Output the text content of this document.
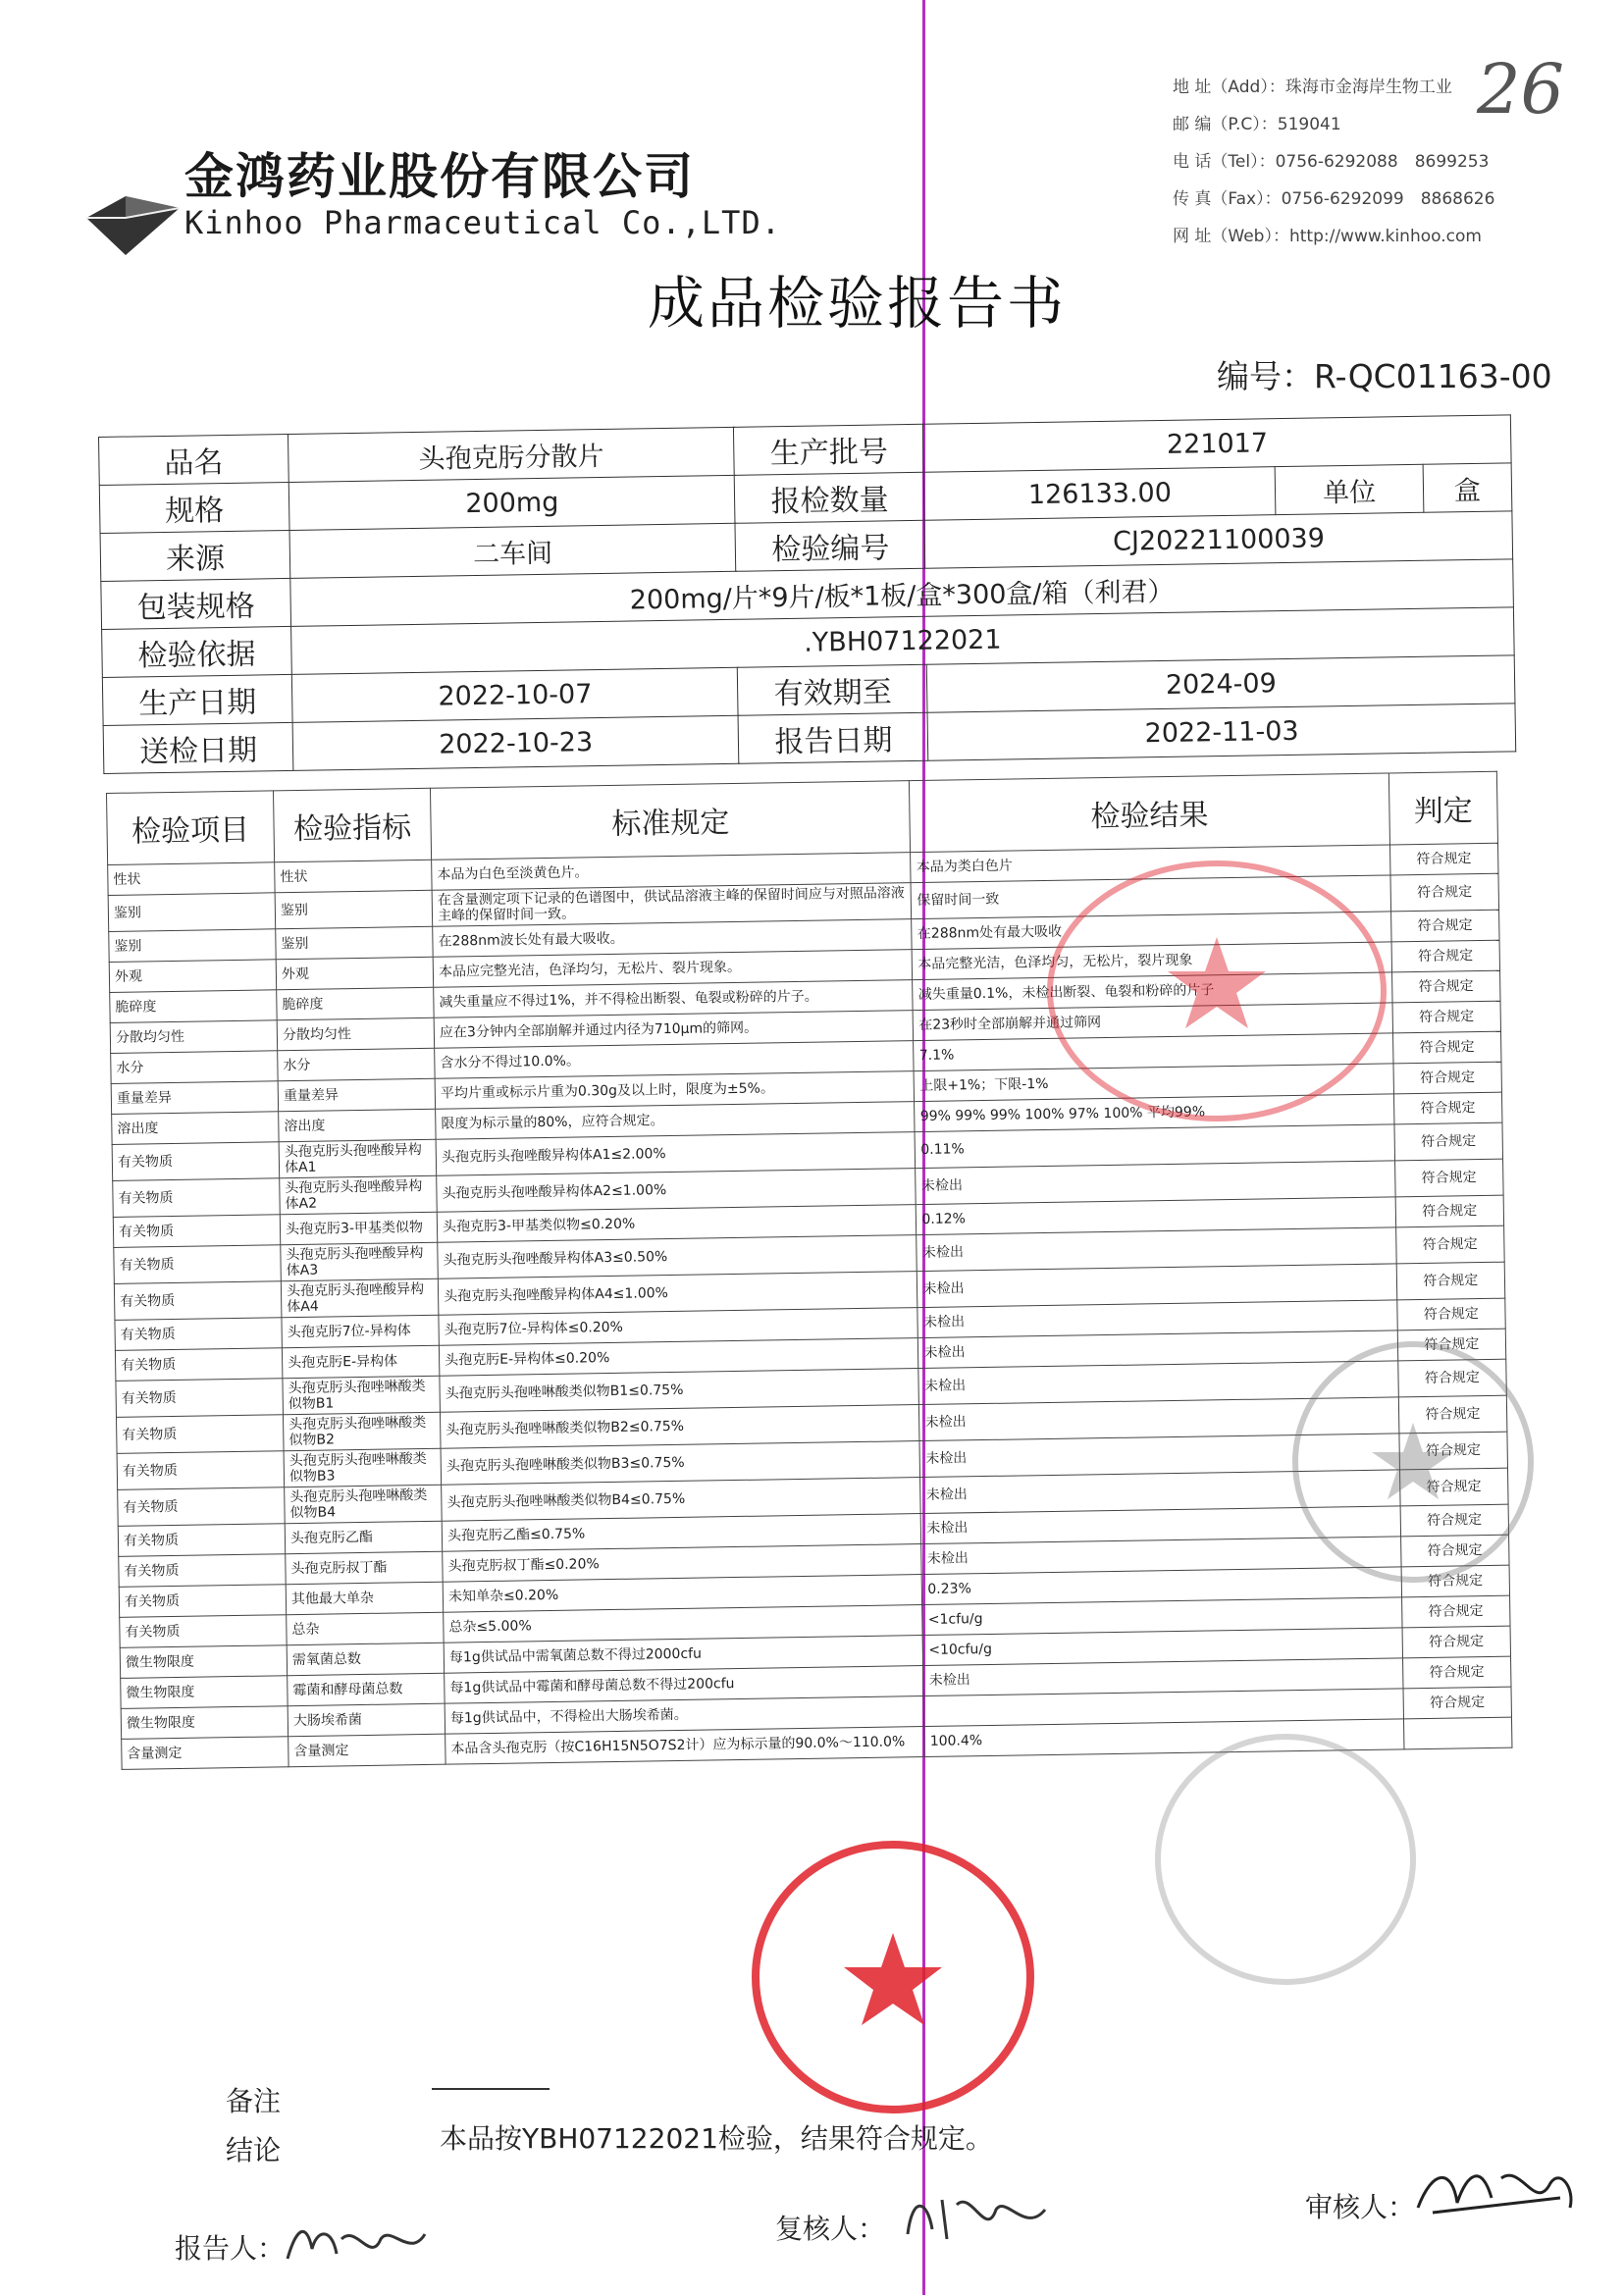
金鸿药业股份有限公司
Kinhoo Pharmaceutical Co.,LTD.
地 址（Add）：珠海市金海岸生物工业
邮 编（P.C）：519041
电 话（Tel）：0756-6292088　8699253
传 真（Fax）：0756-6292099　8868626
网 址（Web）：http://www.kinhoo.com
26
成品检验报告书
编号：R-QC01163-00
品名	头孢克肟分散片	生产批号	221017		
规格	200mg	报检数量	126133.00	单位	盒
来源	二车间	检验编号	CJ20221100039		
包装规格	200mg/片*9片/板*1板/盒*300盒/箱（利君）				
检验依据	.YBH07122021				
生产日期	2022-10-07	有效期至	2024-09		
送检日期	2022-10-23	报告日期	2022-11-03		
检验项目	检验指标	标准规定	检验结果	判定
性状	性状	本品为白色至淡黄色片。	本品为类白色片	符合规定
鉴别	鉴别	在含量测定项下记录的色谱图中，供试品溶液主峰的保留时间应与对照品溶液主峰的保留时间一致。	保留时间一致	符合规定
鉴别	鉴别	在288nm波长处有最大吸收。	在288nm处有最大吸收	符合规定
外观	外观	本品应完整光洁，色泽均匀，无松片、裂片现象。	本品完整光洁，色泽均匀，无松片，裂片现象	符合规定
脆碎度	脆碎度	减失重量应不得过1%，并不得检出断裂、龟裂或粉碎的片子。	减失重量0.1%，未检出断裂、龟裂和粉碎的片子	符合规定
分散均匀性	分散均匀性	应在3分钟内全部崩解并通过内径为710μm的筛网。	在23秒时全部崩解并通过筛网	符合规定
水分	水分	含水分不得过10.0%。	7.1%	符合规定
重量差异	重量差异	平均片重或标示片重为0.30g及以上时，限度为±5%。	上限+1%；下限-1%	符合规定
溶出度	溶出度	限度为标示量的80%，应符合规定。	99% 99% 99% 100% 97% 100% 平均99%	符合规定
有关物质	头孢克肟头孢唑酸异构体A1	头孢克肟头孢唑酸异构体A1≤2.00%	0.11%	符合规定
有关物质	头孢克肟头孢唑酸异构体A2	头孢克肟头孢唑酸异构体A2≤1.00%	未检出	符合规定
有关物质	头孢克肟3-甲基类似物	头孢克肟3-甲基类似物≤0.20%	0.12%	符合规定
有关物质	头孢克肟头孢唑酸异构体A3	头孢克肟头孢唑酸异构体A3≤0.50%	未检出	符合规定
有关物质	头孢克肟头孢唑酸异构体A4	头孢克肟头孢唑酸异构体A4≤1.00%	未检出	符合规定
有关物质	头孢克肟7位-异构体	头孢克肟7位-异构体≤0.20%	未检出	符合规定
有关物质	头孢克肟E-异构体	头孢克肟E-异构体≤0.20%	未检出	符合规定
有关物质	头孢克肟头孢唑啉酸类似物B1	头孢克肟头孢唑啉酸类似物B1≤0.75%	未检出	符合规定
有关物质	头孢克肟头孢唑啉酸类似物B2	头孢克肟头孢唑啉酸类似物B2≤0.75%	未检出	符合规定
有关物质	头孢克肟头孢唑啉酸类似物B3	头孢克肟头孢唑啉酸类似物B3≤0.75%	未检出	符合规定
有关物质	头孢克肟头孢唑啉酸类似物B4	头孢克肟头孢唑啉酸类似物B4≤0.75%	未检出	符合规定
有关物质	头孢克肟乙酯	头孢克肟乙酯≤0.75%	未检出	符合规定
有关物质	头孢克肟叔丁酯	头孢克肟叔丁酯≤0.20%	未检出	符合规定
有关物质	其他最大单杂	未知单杂≤0.20%	0.23%	符合规定
有关物质	总杂	总杂≤5.00%	<1cfu/g	符合规定
微生物限度	需氧菌总数	每1g供试品中需氧菌总数不得过2000cfu	<10cfu/g	符合规定
微生物限度	霉菌和酵母菌总数	每1g供试品中霉菌和酵母菌总数不得过200cfu	未检出	符合规定
微生物限度	大肠埃希菌	每1g供试品中，不得检出大肠埃希菌。		符合规定
含量测定	含量测定	本品含头孢克肟（按C16H15N5O7S2计）应为标示量的90.0%～110.0%	100.4%	
备注
结论	本品按YBH07122021检验，结果符合规定。
报告人：
复核人：
审核人：
